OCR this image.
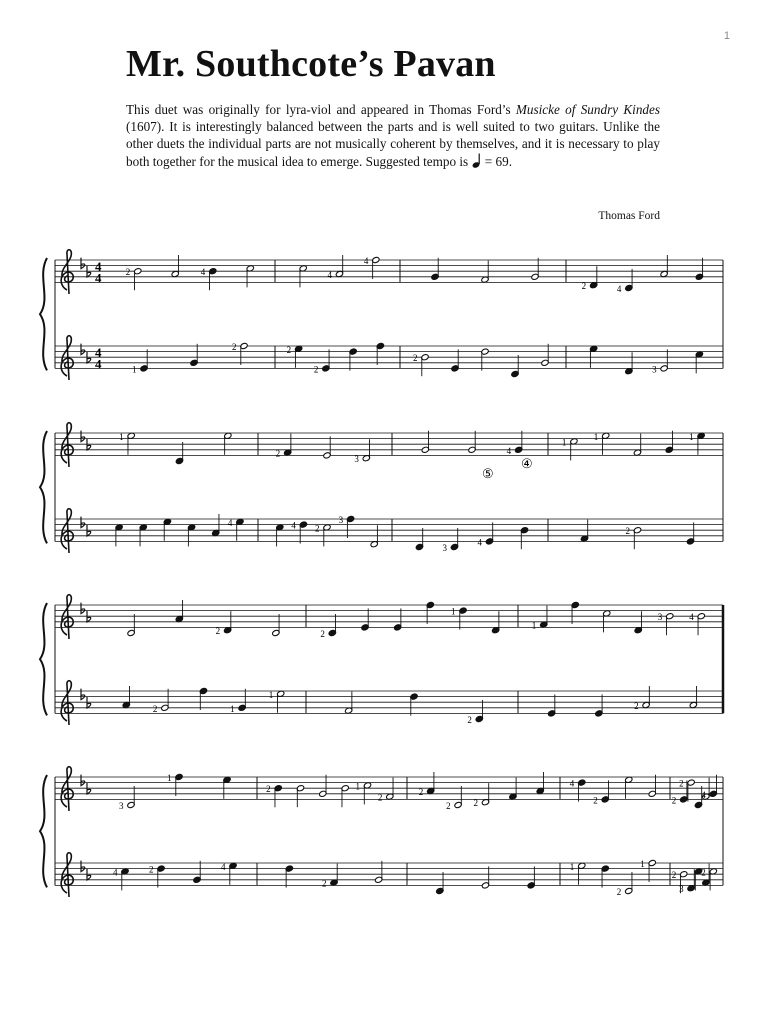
1
Mr. Southcote’s Pavan

This duet was originally for lyra-viol and appeared in Thomas Ford’s Musicke of Sundry Kindes (1607). It is interestingly balanced between the parts and is well suited to two guitars. Unlike the other duets the individual parts are not musically coherent by themselves, and it is necessary to play both together for the musical idea to emerge. Suggested tempo is  = 69.

Thomas Ford
4
4	2	4	4
4
2	4
4
4	1
2	2
2
2
3
1
2
3
4
1
1	1
4	4 2
3
3
4
2
2	2
1
1
3	4
2	1
1
2
2
3
1
2	1
2
2
2	2
4
2	2
2
4
4	2	4
2
1
2
1
2
3
2
⑤
④
